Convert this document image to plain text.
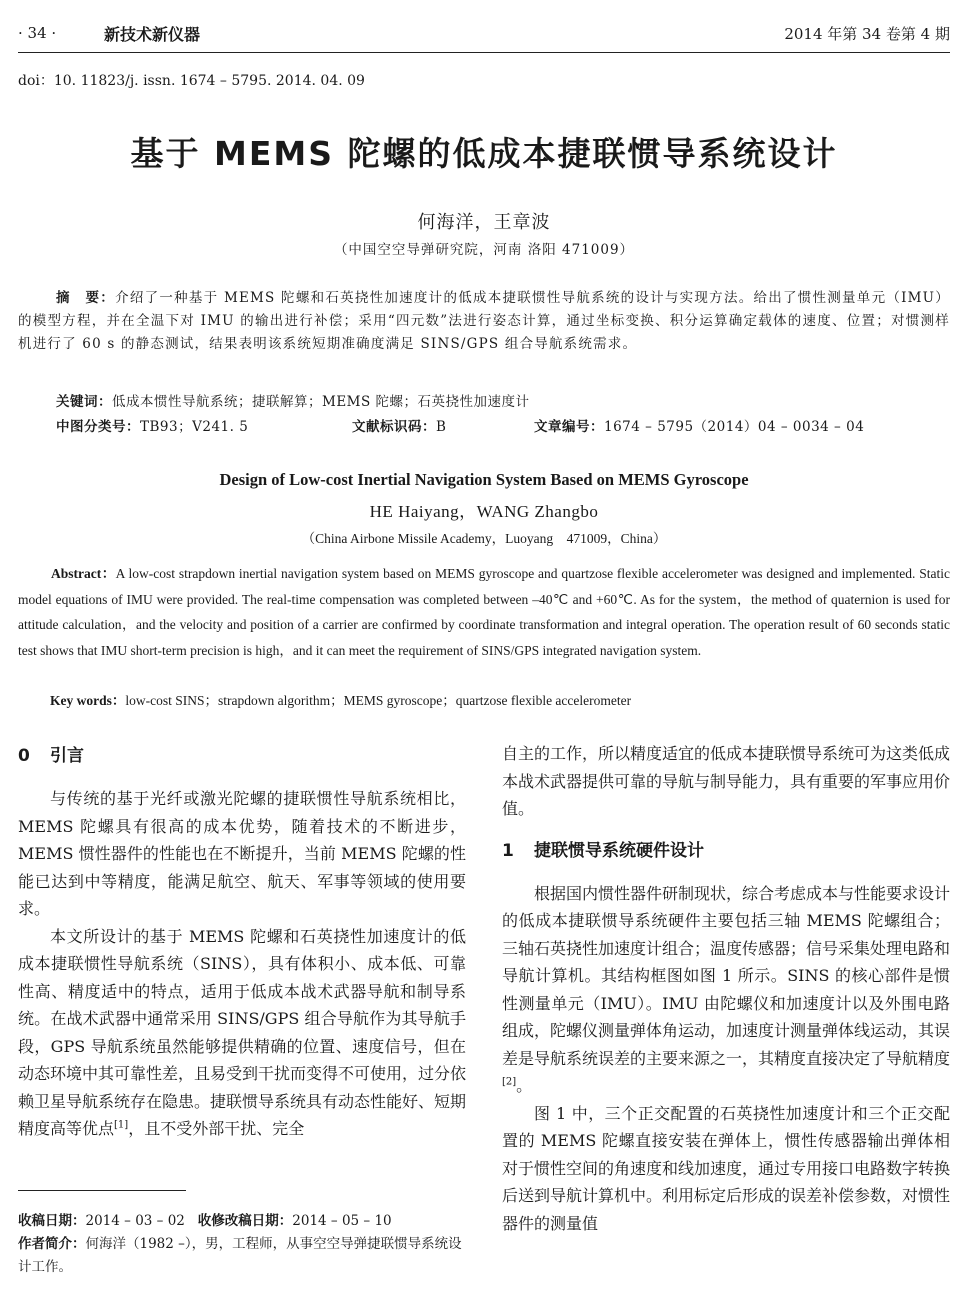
· 34 ·	新技术新仪器	2014 年第 34 卷第 4 期
doi：10. 11823/j. issn. 1674 – 5795. 2014. 04. 09
基于 MEMS 陀螺的低成本捷联惯导系统设计
何海洋，王章波
（中国空空导弹研究院，河南 洛阳 471009）
摘　要：介绍了一种基于 MEMS 陀螺和石英挠性加速度计的低成本捷联惯性导航系统的设计与实现方法。给出了惯性测量单元（IMU）的模型方程，并在全温下对 IMU 的输出进行补偿；采用“四元数”法进行姿态计算，通过坐标变换、积分运算确定载体的速度、位置；对惯测样机进行了 60 s 的静态测试，结果表明该系统短期准确度满足 SINS/GPS 组合导航系统需求。
关键词：低成本惯性导航系统；捷联解算；MEMS 陀螺；石英挠性加速度计
中图分类号：TB93；V241. 5	文献标识码：B	文章编号：1674 – 5795（2014）04 – 0034 – 04
Design of Low-cost Inertial Navigation System Based on MEMS Gyroscope
HE Haiyang，WANG Zhangbo
（China Airbone Missile Academy，Luoyang　471009，China）
Abstract：A low-cost strapdown inertial navigation system based on MEMS gyroscope and quartzose flexible accelerometer was designed and implemented. Static model equations of IMU were provided. The real-time compensation was completed between –40℃ and +60℃. As for the system，the method of quaternion is used for attitude calculation，and the velocity and position of a carrier are confirmed by coordinate transformation and integral operation. The operation result of 60 seconds static test shows that IMU short-term precision is high，and it can meet the requirement of SINS/GPS integrated navigation system.
Key words：low-cost SINS；strapdown algorithm；MEMS gyroscope；quartzose flexible accelerometer
0 引言

与传统的基于光纤或激光陀螺的捷联惯性导航系统相比，MEMS 陀螺具有很高的成本优势，随着技术的不断进步，MEMS 惯性器件的性能也在不断提升，当前 MEMS 陀螺的性能已达到中等精度，能满足航空、航天、军事等领域的使用要求。

本文所设计的基于 MEMS 陀螺和石英挠性加速度计的低成本捷联惯性导航系统（SINS），具有体积小、成本低、可靠性高、精度适中的特点，适用于低成本战术武器导航和制导系统。在战术武器中通常采用 SINS/GPS 组合导航作为其导航手段，GPS 导航系统虽然能够提供精确的位置、速度信号，但在动态环境中其可靠性差，且易受到干扰而变得不可使用，过分依赖卫星导航系统存在隐患。捷联惯导系统具有动态性能好、短期精度高等优点[1]，且不受外部干扰、完全

自主的工作，所以精度适宜的低成本捷联惯导系统可为这类低成本战术武器提供可靠的导航与制导能力，具有重要的军事应用价值。

1 捷联惯导系统硬件设计

根据国内惯性器件研制现状，综合考虑成本与性能要求设计的低成本捷联惯导系统硬件主要包括三轴 MEMS 陀螺组合；三轴石英挠性加速度计组合；温度传感器；信号采集处理电路和导航计算机。其结构框图如图 1 所示。SINS 的核心部件是惯性测量单元（IMU）。IMU 由陀螺仪和加速度计以及外围电路组成，陀螺仪测量弹体角运动，加速度计测量弹体线运动，其误差是导航系统误差的主要来源之一，其精度直接决定了导航精度[2]。

图 1 中，三个正交配置的石英挠性加速度计和三个正交配置的 MEMS 陀螺直接安装在弹体上，惯性传感器输出弹体相对于惯性空间的角速度和线加速度，通过专用接口电路数字转换后送到导航计算机中。利用标定后形成的误差补偿参数，对惯性器件的测量值

收稿日期：2014 – 03 – 02 收修改稿日期：2014 – 05 – 10
作者简介：何海洋（1982 –），男，工程师，从事空空导弹捷联惯导系统设计工作。
